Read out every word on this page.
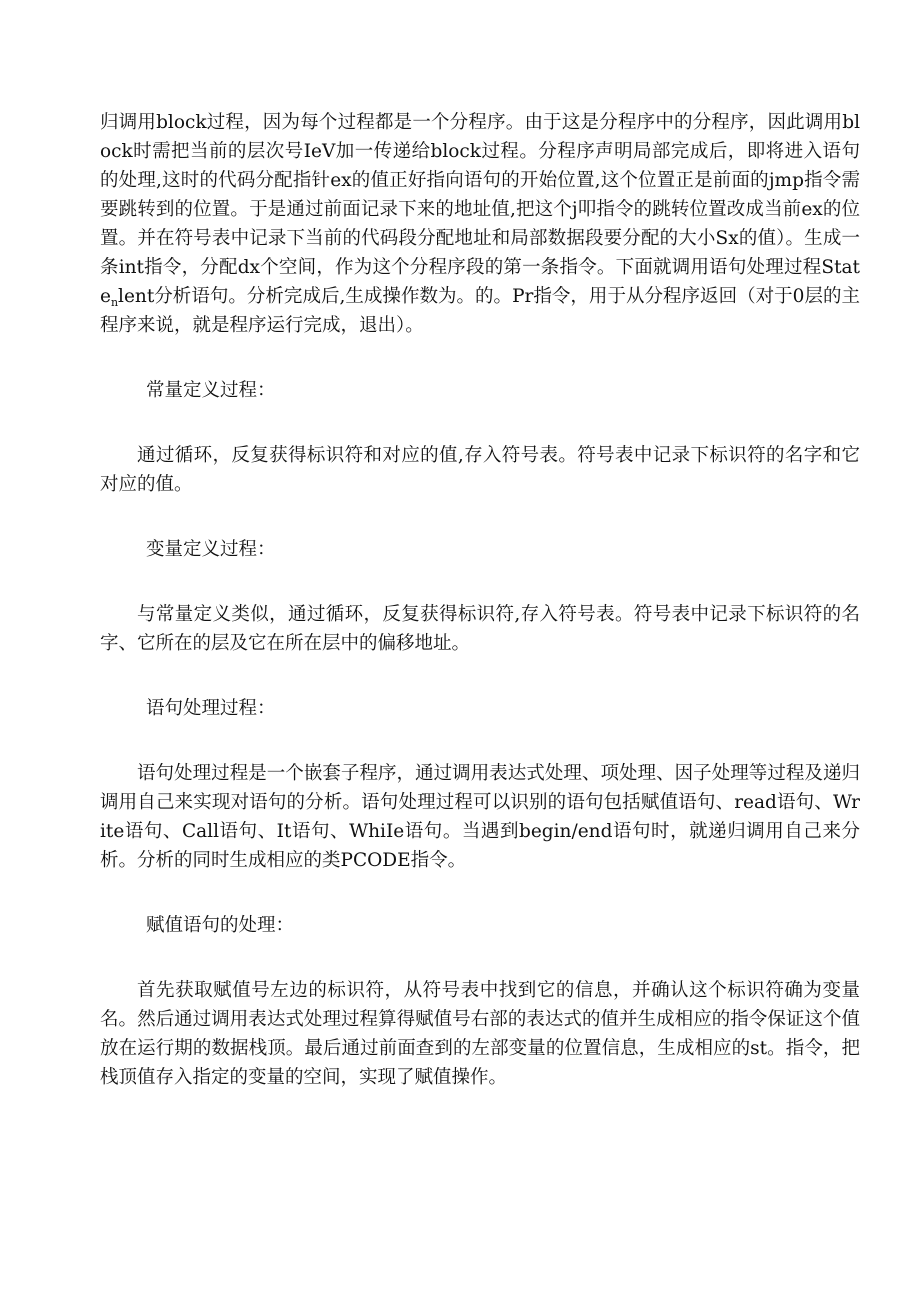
归调用block过程，因为每个过程都是一个分程序。由于这是分程序中的分程序，因此调用block时需把当前的层次号IeV加一传递给block过程。分程序声明局部完成后，即将进入语句的处理,这时的代码分配指针ex的值正好指向语句的开始位置,这个位置正是前面的jmp指令需要跳转到的位置。于是通过前面记录下来的地址值,把这个j叩指令的跳转位置改成当前ex的位置。并在符号表中记录下当前的代码段分配地址和局部数据段要分配的大小Sx的值）。生成一条int指令，分配dx个空间，作为这个分程序段的第一条指令。下面就调用语句处理过程State$_n$lent分析语句。分析完成后,生成操作数为。的。Pr指令，用于从分程序返回（对于0层的主程序来说，就是程序运行完成，退出）。

常量定义过程：

通过循环，反复获得标识符和对应的值,存入符号表。符号表中记录下标识符的名字和它对应的值。

变量定义过程：

与常量定义类似，通过循环，反复获得标识符,存入符号表。符号表中记录下标识符的名字、它所在的层及它在所在层中的偏移地址。

语句处理过程：

语句处理过程是一个嵌套子程序，通过调用表达式处理、项处理、因子处理等过程及递归调用自己来实现对语句的分析。语句处理过程可以识别的语句包括赋值语句、read语句、Write语句、Call语句、It语句、WhiIe语句。当遇到begin/end语句时，就递归调用自己来分析。分析的同时生成相应的类PCODE指令。

赋值语句的处理：

首先获取赋值号左边的标识符，从符号表中找到它的信息，并确认这个标识符确为变量名。然后通过调用表达式处理过程算得赋值号右部的表达式的值并生成相应的指令保证这个值放在运行期的数据栈顶。最后通过前面查到的左部变量的位置信息，生成相应的st。指令，把栈顶值存入指定的变量的空间，实现了赋值操作。
